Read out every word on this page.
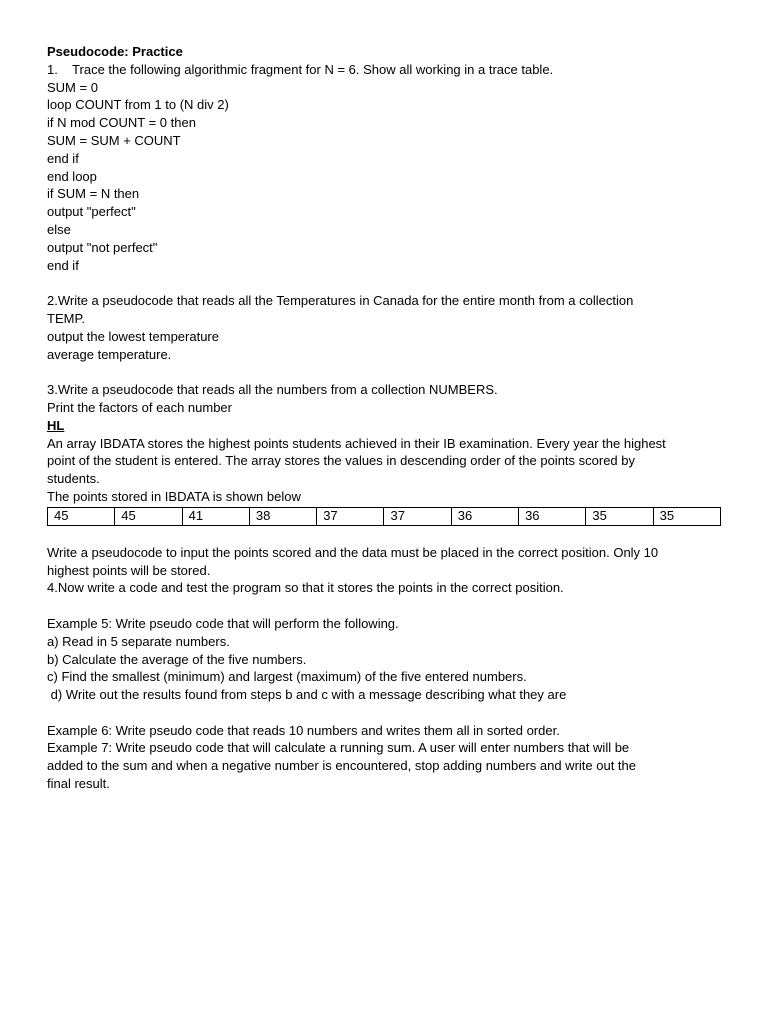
Pseudocode: Practice
1.    Trace the following algorithmic fragment for N = 6. Show all working in a trace table.
SUM = 0
loop COUNT from 1 to (N div 2)
if N mod COUNT = 0 then
SUM = SUM + COUNT
end if
end loop
if SUM = N then
output "perfect"
else
output "not perfect"
end if
2.Write a pseudocode that reads all the Temperatures in Canada for the entire month from a collection
TEMP.
output the lowest temperature
average temperature.
3.Write a pseudocode that reads all the numbers from a collection NUMBERS.
Print the factors of each number
HL
An array IBDATA stores the highest points students achieved in their IB examination. Every year the highest
point of the student is entered. The array stores the values in descending order of the points scored by
students.
The points stored in IBDATA is shown below
45	45	41	38	37	37	36	36	35	35
Write a pseudocode to input the points scored and the data must be placed in the correct position. Only 10
highest points will be stored.
4.Now write a code and test the program so that it stores the points in the correct position.
Example 5: Write pseudo code that will perform the following.
a) Read in 5 separate numbers.
b) Calculate the average of the five numbers.
c) Find the smallest (minimum) and largest (maximum) of the five entered numbers.
d) Write out the results found from steps b and c with a message describing what they are
Example 6: Write pseudo code that reads 10 numbers and writes them all in sorted order.
Example 7: Write pseudo code that will calculate a running sum. A user will enter numbers that will be
added to the sum and when a negative number is encountered, stop adding numbers and write out the
final result.
